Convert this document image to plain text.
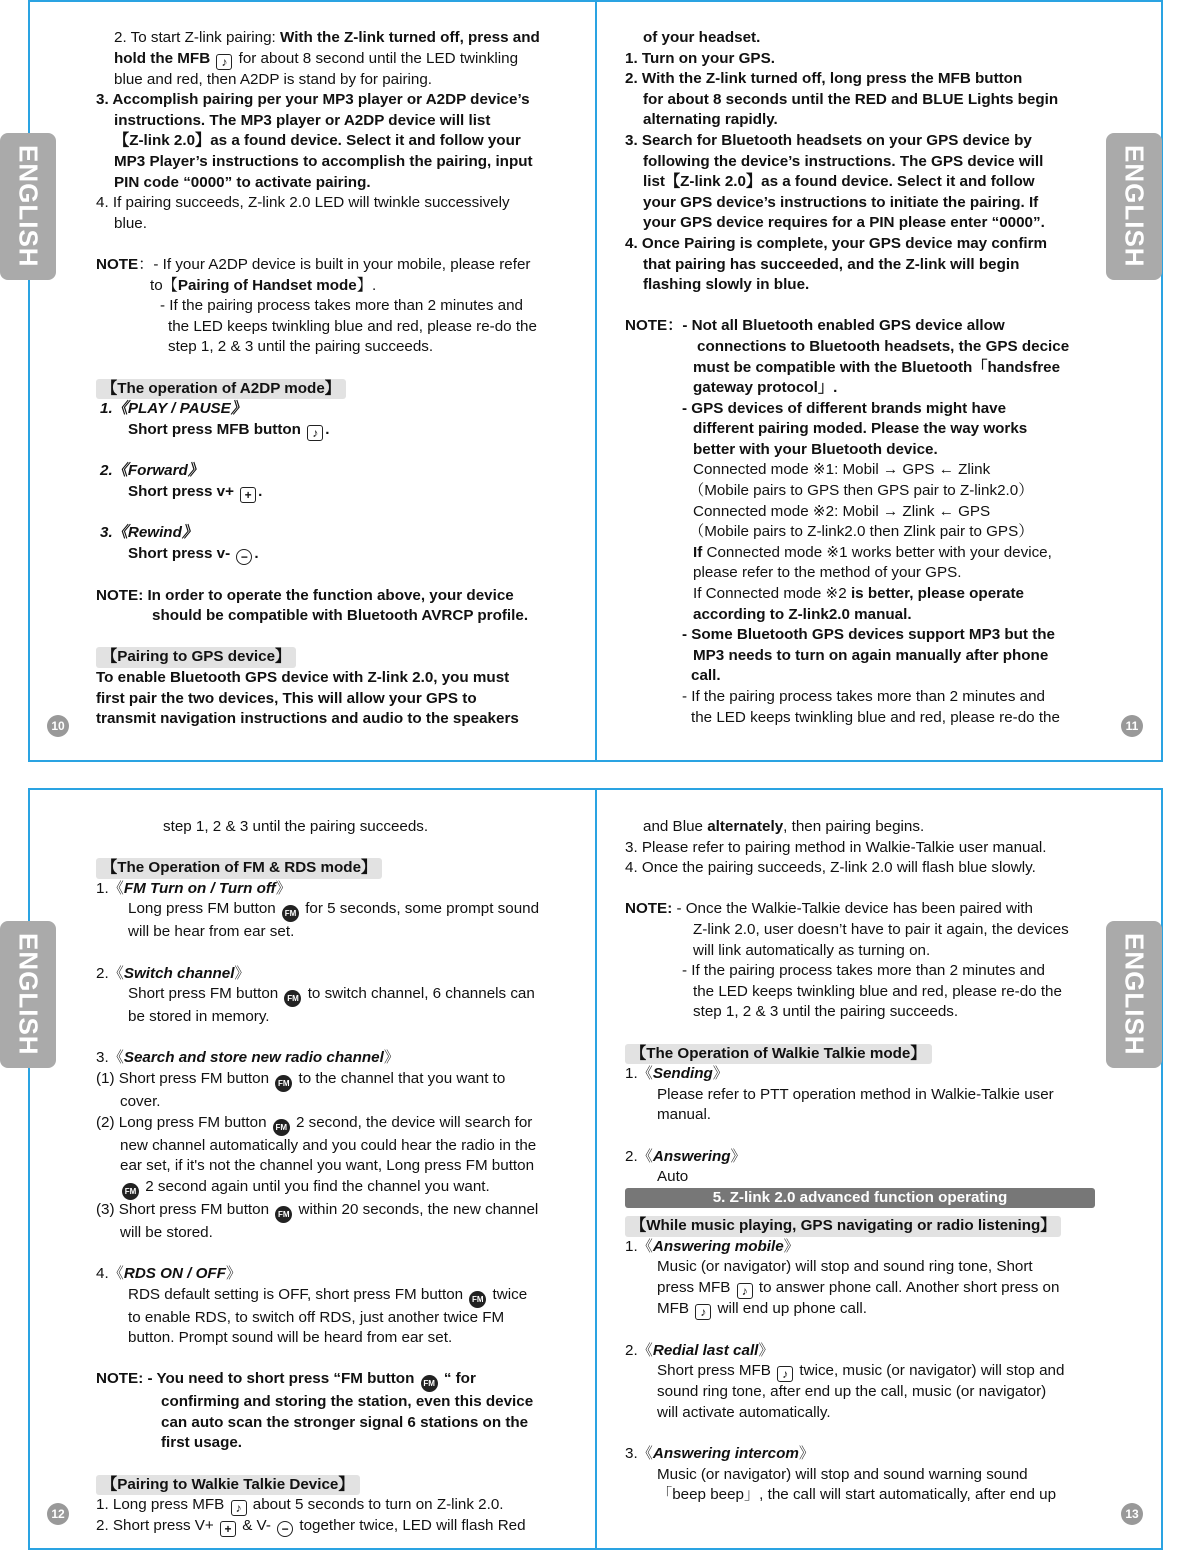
ENGLISH	ENGLISH
ENGLISH	ENGLISH
10	11
12	13

2. To start Z-link pairing: With the Z-link turned off, press and

hold the MFB ♪ for about 8 second until the LED twinkling

blue and red, then A2DP is stand by for pairing.

3. Accomplish pairing per your MP3 player or A2DP device’s

instructions. The MP3 player or A2DP device will list

【Z-link 2.0】as a found device. Select it and follow your

MP3 Player’s instructions to accomplish the pairing, input

PIN code “0000” to activate pairing.

4. If pairing succeeds, Z-link 2.0 LED will twinkle successively

blue.

NOTE：- If your A2DP device is built in your mobile, please refer

to【Pairing of Handset mode】.

- If the pairing process takes more than 2 minutes and

the LED keeps twinkling blue and red, please re-do the

step 1, 2 & 3 until the pairing succeeds.

【The operation of A2DP mode】

1.《PLAY / PAUSE》

Short press MFB button ♪ .

2.《Forward》

Short press v+ + .

3.《Rewind》

Short press v- − .

NOTE: In order to operate the function above, your device

should be compatible with Bluetooth AVRCP profile.

【Pairing to GPS device】

To enable Bluetooth GPS device with Z-link 2.0, you must

first pair the two devices, This will allow your GPS to

transmit navigation instructions and audio to the speakers

of your headset.

1. Turn on your GPS.

2. With the Z-link turned off, long press the MFB button

for about 8 seconds until the RED and BLUE Lights begin

alternating rapidly.

3. Search for Bluetooth headsets on your GPS device by

following the device’s instructions. The GPS device will

list【Z-link 2.0】as a found device. Select it and follow

your GPS device’s instructions to initiate the pairing. If

your GPS device requires for a PIN please enter “0000”.

4. Once Pairing is complete, your GPS device may confirm

that pairing has succeeded, and the Z-link will begin

flashing slowly in blue.

NOTE：- Not all Bluetooth enabled GPS device allow

connections to Bluetooth headsets, the GPS decice

must be compatible with the Bluetooth「handsfree

gateway protocol」.

- GPS devices of different brands might have

different pairing moded. Please the way works

better with your Bluetooth device.

Connected mode ※1: Mobil → GPS ← Zlink

（Mobile pairs to GPS then GPS pair to Z-link2.0）

Connected mode ※2: Mobil → Zlink ← GPS

（Mobile pairs to Z-link2.0 then Zlink pair to GPS）

If Connected mode ※1 works better with your device,

please refer to the method of your GPS.

If Connected mode ※2 is better, please operate

according to Z-link2.0 manual.

- Some Bluetooth GPS devices support MP3 but the

MP3 needs to turn on again manually after phone

call.

- If the pairing process takes more than 2 minutes and

the LED keeps twinkling blue and red, please re-do the

step 1, 2 & 3 until the pairing succeeds.

【The Operation of FM & RDS mode】

1.《FM Turn on / Turn off》

Long press FM button FM for 5 seconds, some prompt sound

will be hear from ear set.

2.《Switch channel》

Short press FM button FM to switch channel, 6 channels can

be stored in memory.

3.《Search and store new radio channel》

(1) Short press FM button FM to the channel that you want to

cover.

(2) Long press FM button FM 2 second, the device will search for

new channel automatically and you could hear the radio in the

ear set, if it's not the channel you want, Long press FM button

FM 2 second again until you find the channel you want.

(3) Short press FM button FM within 20 seconds, the new channel

will be stored.

4.《RDS ON / OFF》

RDS default setting is OFF, short press FM button FM twice

to enable RDS, to switch off RDS, just another twice FM

button. Prompt sound will be heard from ear set.

NOTE: - You need to short press “FM button FM “ for

confirming and storing the station, even this device

can auto scan the stronger signal 6 stations on the

first usage.

【Pairing to Walkie Talkie Device】

1. Long press MFB ♪ about 5 seconds to turn on Z-link 2.0.

2. Short press V+ + & V- − together twice, LED will flash Red

and Blue alternately, then pairing begins.

3. Please refer to pairing method in Walkie-Talkie user manual.

4. Once the pairing succeeds, Z-link 2.0 will flash blue slowly.

NOTE: - Once the Walkie-Talkie device has been paired with

Z-link 2.0, user doesn’t have to pair it again, the devices

will link automatically as turning on.

- If the pairing process takes more than 2 minutes and

the LED keeps twinkling blue and red, please re-do the

step 1, 2 & 3 until the pairing succeeds.

【The Operation of Walkie Talkie mode】

1.《Sending》

Please refer to PTT operation method in Walkie-Talkie user

manual.

2.《Answering》

Auto

5. Z-link 2.0 advanced function operating

【While music playing, GPS navigating or radio listening】

1.《Answering mobile》

Music (or navigator) will stop and sound ring tone, Short

press MFB ♪ to answer phone call. Another short press on

MFB ♪ will end up phone call.

2.《Redial last call》

Short press MFB ♪ twice, music (or navigator) will stop and

sound ring tone, after end up the call, music (or navigator)

will activate automatically.

3.《Answering intercom》

Music (or navigator) will stop and sound warning sound

「beep beep」, the call will start automatically, after end up
